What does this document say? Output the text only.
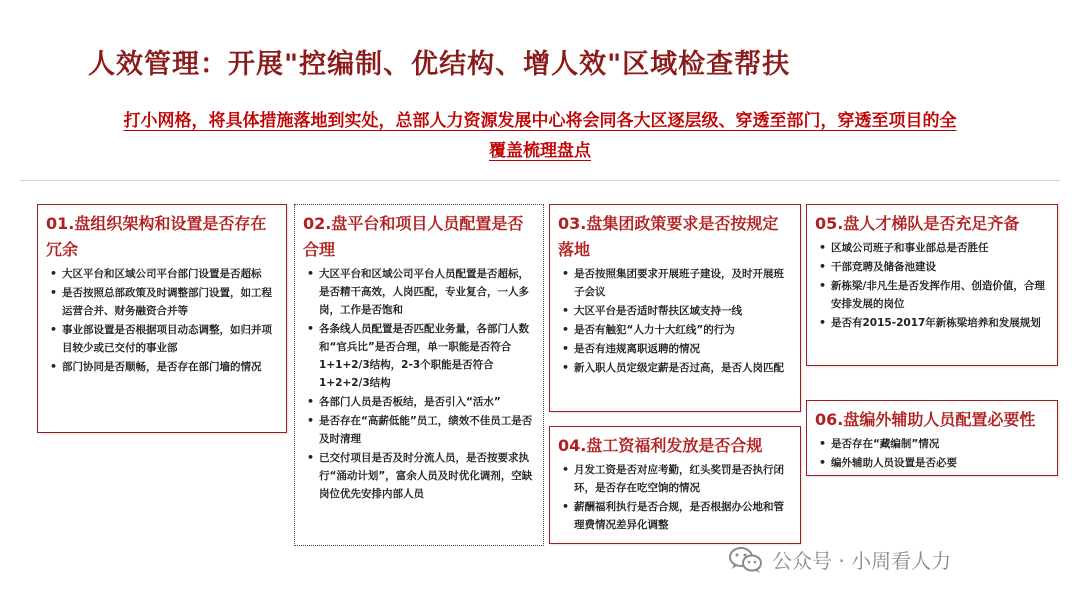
人效管理：开展"控编制、优结构、增人效"区域检查帮扶
打小网格，将具体措施落地到实处，总部人力资源发展中心将会同各大区逐层级、穿透至部门，穿透至项目的全覆盖梳理盘点
01.盘组织架构和设置是否存在冗余
• 大区平台和区域公司平台部门设置是否超标
• 是否按照总部政策及时调整部门设置，如工程运营合并、财务融资合并等
• 事业部设置是否根据项目动态调整，如归并项目较少或已交付的事业部
• 部门协同是否顺畅，是否存在部门墙的情况
02.盘平台和项目人员配置是否合理
• 大区平台和区域公司平台人员配置是否超标，是否精干高效，人岗匹配，专业复合，一人多岗，工作是否饱和
• 各条线人员配置是否匹配业务量，各部门人数和“官兵比”是否合理，单一职能是否符合1+1+2/3结构，2-3个职能是否符合1+2+2/3结构
• 各部门人员是否板结，是否引入“活水”
• 是否存在“高薪低能”员工，绩效不佳员工是否及时清理
• 已交付项目是否及时分流人员，是否按要求执行“涌动计划”，富余人员及时优化调剂，空缺岗位优先安排内部人员
03.盘集团政策要求是否按规定落地
• 是否按照集团要求开展班子建设，及时开展班子会议
• 大区平台是否适时帮扶区域支持一线
• 是否有触犯“人力十大红线”的行为
• 是否有违规离职返聘的情况
• 新入职人员定级定薪是否过高，是否人岗匹配
04.盘工资福利发放是否合规
• 月发工资是否对应考勤，红头奖罚是否执行闭环，是否存在吃空饷的情况
• 薪酬福利执行是否合规，是否根据办公地和管理费情况差异化调整
05.盘人才梯队是否充足齐备
• 区域公司班子和事业部总是否胜任
• 干部竞聘及储备池建设
• 新栋梁/非凡生是否发挥作用、创造价值，合理安排发展的岗位
• 是否有2015-2017年新栋梁培养和发展规划
06.盘编外辅助人员配置必要性
• 是否存在“藏编制”情况
• 编外辅助人员设置是否必要
公众号 · 小周看人力
